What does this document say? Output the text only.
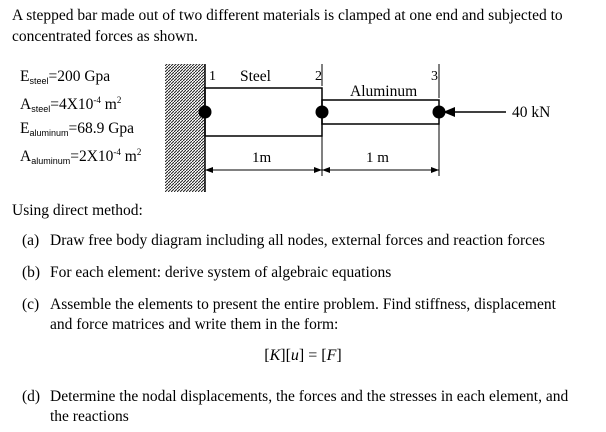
A stepped bar made out of two different materials is clamped at one end and subjected to concentrated forces as shown.

$E_{steel}=200$ Gpa
$A_{steel}=4X10^{-4}$ $m^2$
$E_{aluminum}=68.9$ Gpa
$A_{aluminum}=2X10^{-4}$ $m^2$
1	2	3
Steel
Aluminum
40 kN
1m	1 m

Using direct method:

(a) Draw free body diagram including all nodes, external forces and reaction forces
(b) For each element: derive system of algebraic equations
(c) Assemble the elements to present the entire problem. Find stiffness, displacement and force matrices and write them in the form:
(d) Determine the nodal displacements, the forces and the stresses in each element, and the reactions
[K][u] = [F]
